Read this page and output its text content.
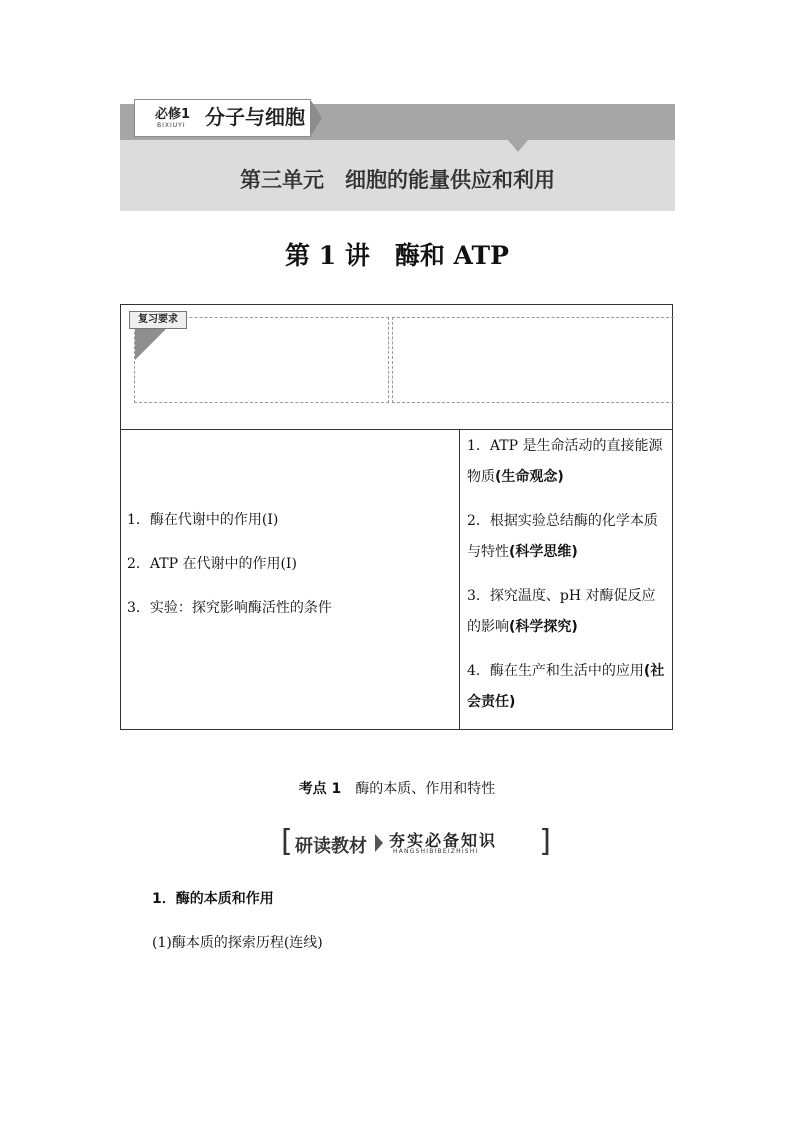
必修1
BIXIUYI 分子与细胞
第三单元　细胞的能量供应和利用
第 1 讲　酶和 ATP
复习要求
1．酶在代谢中的作用(Ⅰ)
2．ATP 在代谢中的作用(Ⅰ)
3．实验：探究影响酶活性的条件
1．ATP 是生命活动的直接能源物质(生命观念)
2．根据实验总结酶的化学本质与特性(科学思维)
3．探究温度、pH 对酶促反应的影响(科学探究)
4．酶在生产和生活中的应用(社会责任)
考点 1　 酶的本质、作用和特性
[ 研读教材 夯实必备知识
HANGSHIBIBEIZHISHI ]
1．酶的本质和作用
(1)酶本质的探索历程(连线)
